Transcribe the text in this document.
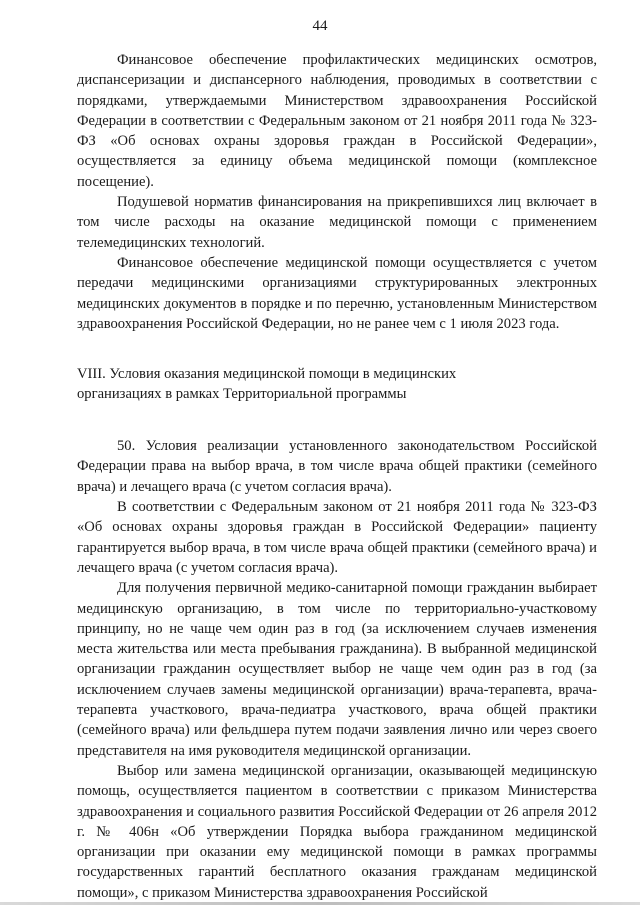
44

Финансовое обеспечение профилактических медицинских осмотров, диспансеризации и диспансерного наблюдения, проводимых в соответствии с порядками, утверждаемыми Министерством здравоохранения Российской Федерации в соответствии с Федеральным законом от 21 ноября 2011 года № 323-ФЗ «Об основах охраны здоровья граждан в Российской Федерации», осуществляется за единицу объема медицинской помощи (комплексное посещение).

Подушевой норматив финансирования на прикрепившихся лиц включает в том числе расходы на оказание медицинской помощи с применением телемедицинских технологий.

Финансовое обеспечение медицинской помощи осуществляется с учетом передачи медицинскими организациями структурированных электронных медицинских документов в порядке и по перечню, установленным Министерством здравоохранения Российской Федерации, но не ранее чем с 1 июля 2023 года.

VIII. Условия оказания медицинской помощи в медицинских
организациях в рамках Территориальной программы

50. Условия реализации установленного законодательством Российской Федерации права на выбор врача, в том числе врача общей практики (семейного врача) и лечащего врача (с учетом согласия врача).

В соответствии с Федеральным законом от 21 ноября 2011 года № 323-ФЗ «Об основах охраны здоровья граждан в Российской Федерации» пациенту гарантируется выбор врача, в том числе врача общей практики (семейного врача) и лечащего врача (с учетом согласия врача).

Для получения первичной медико-санитарной помощи гражданин выбирает медицинскую организацию, в том числе по территориально-участковому принципу, но не чаще чем один раз в год (за исключением случаев изменения места жительства или места пребывания гражданина). В выбранной медицинской организации гражданин осуществляет выбор не чаще чем один раз в год (за исключением случаев замены медицинской организации) врача-терапевта, врача-терапевта участкового, врача-педиатра участкового, врача общей практики (семейного врача) или фельдшера путем подачи заявления лично или через своего представителя на имя руководителя медицинской организации.

Выбор или замена медицинской организации, оказывающей медицинскую помощь, осуществляется пациентом в соответствии с приказом Министерства здравоохранения и социального развития Российской Федерации от 26 апреля 2012 г. № 406н «Об утверждении Порядка выбора гражданином медицинской организации при оказании ему медицинской помощи в рамках программы государственных гарантий бесплатного оказания гражданам медицинской помощи», с приказом Министерства здравоохранения Российской
